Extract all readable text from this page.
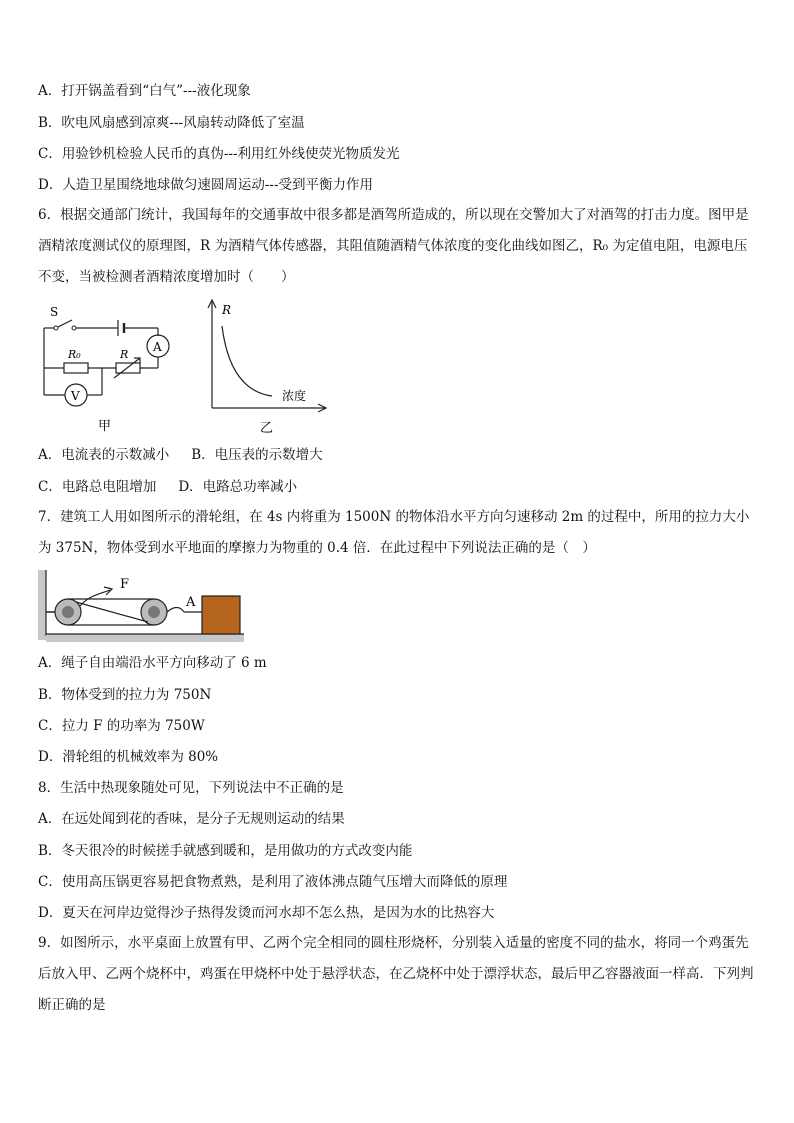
A．打开锅盖看到“白气”---液化现象
B．吹电风扇感到凉爽---风扇转动降低了室温
C．用验钞机检验人民币的真伪---利用红外线使荧光物质发光
D．人造卫星围绕地球做匀速圆周运动---受到平衡力作用
6．根据交通部门统计，我国每年的交通事故中很多都是酒驾所造成的，所以现在交警加大了对酒驾的打击力度。图甲是酒精浓度测试仪的原理图，R 为酒精气体传感器，其阻值随酒精气体浓度的变化曲线如图乙，R₀ 为定值电阻，电源电压不变，当被检测者酒精浓度增加时（　　）
S
R₀	R
A
V
甲
R
浓度
乙
A．电流表的示数减小 B．电压表的示数增大
C．电路总电阻增加 D．电路总功率减小
7．建筑工人用如图所示的滑轮组，在 4s 内将重为 1500N 的物体沿水平方向匀速移动 2m 的过程中，所用的拉力大小为 375N，物体受到水平地面的摩擦力为物重的 0.4 倍．在此过程中下列说法正确的是（　）
F
A
A．绳子自由端沿水平方向移动了 6 m
B．物体受到的拉力为 750N
C．拉力 F 的功率为 750W
D．滑轮组的机械效率为 80%
8．生活中热现象随处可见，下列说法中不正确的是
A．在远处闻到花的香味，是分子无规则运动的结果
B．冬天很冷的时候搓手就感到暖和，是用做功的方式改变内能
C．使用高压锅更容易把食物煮熟，是利用了液体沸点随气压增大而降低的原理
D．夏天在河岸边觉得沙子热得发烫而河水却不怎么热，是因为水的比热容大
9．如图所示，水平桌面上放置有甲、乙两个完全相同的圆柱形烧杯，分别装入适量的密度不同的盐水，将同一个鸡蛋先后放入甲、乙两个烧杯中，鸡蛋在甲烧杯中处于悬浮状态，在乙烧杯中处于漂浮状态，最后甲乙容器液面一样高．下列判断正确的是
